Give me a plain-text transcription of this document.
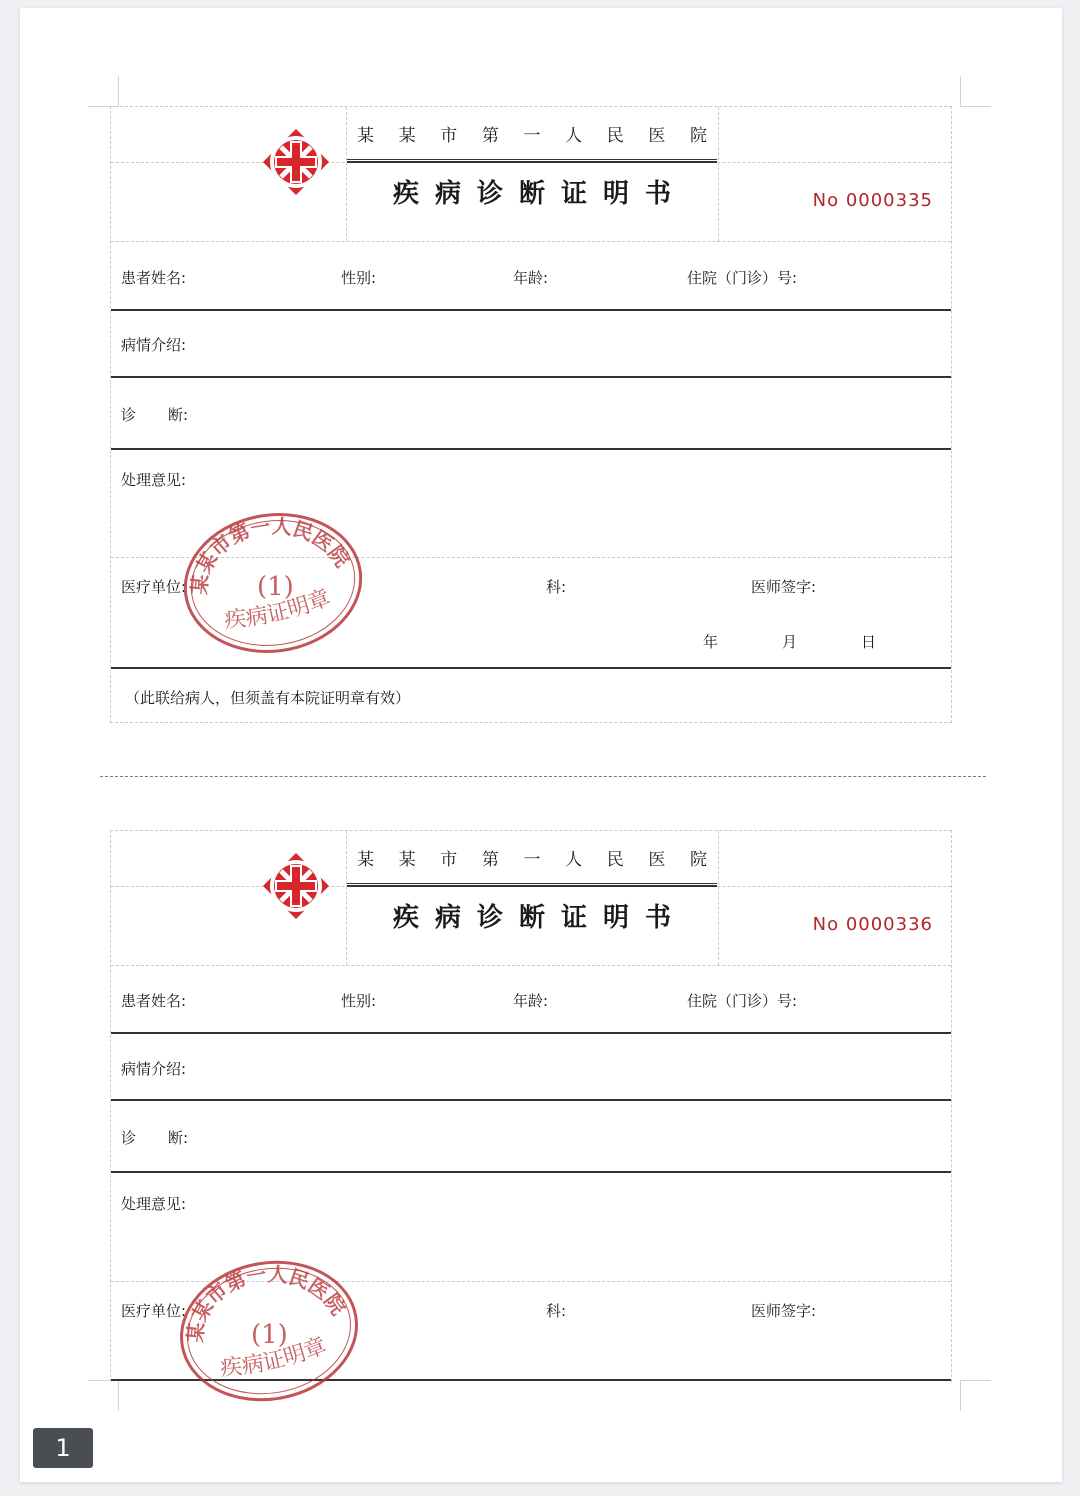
某 某 市 第 一 人 民 医 院
疾 病 诊 断 证 明 书	No 0000335
患者姓名:	性别:	年龄:	住院（门诊）号:
病情介绍:
诊 断:
处理意见:
医疗单位:	科:	医师签字:
年	月	日
（此联给病人，但须盖有本院证明章有效）
某某市第一人民医院
(1)
疾病证明章
某 某 市 第 一 人 民 医 院
疾 病 诊 断 证 明 书	No 0000336
患者姓名:	性别:	年龄:	住院（门诊）号:
病情介绍:
诊 断:
处理意见:
医疗单位:	科:	医师签字:
某某市第一人民医院
(1)
疾病证明章
1
